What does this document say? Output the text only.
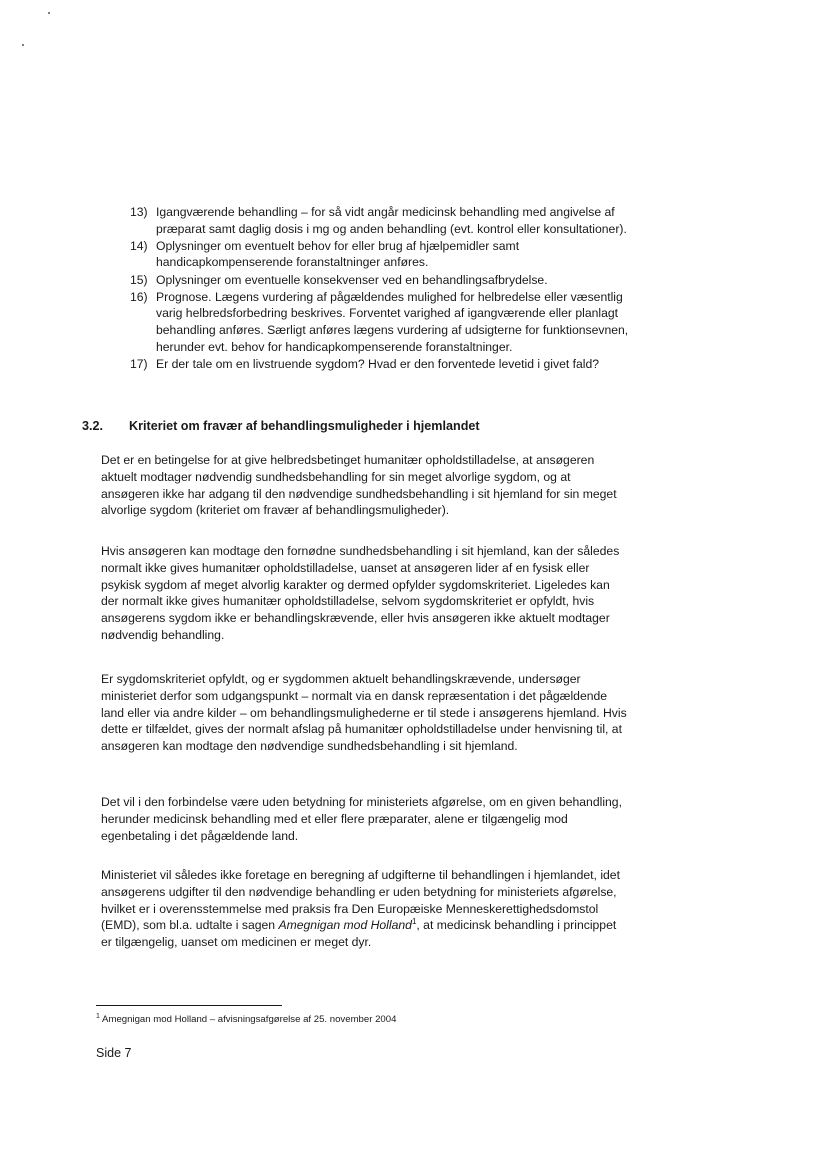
13) Igangværende behandling – for så vidt angår medicinsk behandling med angivelse af præparat samt daglig dosis i mg og anden behandling (evt. kontrol eller konsultationer).
14) Oplysninger om eventuelt behov for eller brug af hjælpemidler samt handicapkompenserende foranstaltninger anføres.
15) Oplysninger om eventuelle konsekvenser ved en behandlingsafbrydelse.
16) Prognose. Lægens vurdering af pågældendes mulighed for helbredelse eller væsentlig varig helbredsforbedring beskrives. Forventet varighed af igangværende eller planlagt behandling anføres. Særligt anføres lægens vurdering af udsigterne for funktionsevnen, herunder evt. behov for handicapkompenserende foranstaltninger.
17) Er der tale om en livstruende sygdom? Hvad er den forventede levetid i givet fald?
3.2. Kriteriet om fravær af behandlingsmuligheder i hjemlandet

Det er en betingelse for at give helbredsbetinget humanitær opholdstilladelse, at ansøgeren aktuelt modtager nødvendig sundhedsbehandling for sin meget alvorlige sygdom, og at ansøgeren ikke har adgang til den nødvendige sundhedsbehandling i sit hjemland for sin meget alvorlige sygdom (kriteriet om fravær af behandlingsmuligheder).

Hvis ansøgeren kan modtage den fornødne sundhedsbehandling i sit hjemland, kan der således normalt ikke gives humanitær opholdstilladelse, uanset at ansøgeren lider af en fysisk eller psykisk sygdom af meget alvorlig karakter og dermed opfylder sygdomskriteriet. Ligeledes kan der normalt ikke gives humanitær opholdstilladelse, selvom sygdomskriteriet er opfyldt, hvis ansøgerens sygdom ikke er behandlingskrævende, eller hvis ansøgeren ikke aktuelt modtager nødvendig behandling.

Er sygdomskriteriet opfyldt, og er sygdommen aktuelt behandlingskrævende, undersøger ministeriet derfor som udgangspunkt – normalt via en dansk repræsentation i det pågældende land eller via andre kilder – om behandlingsmulighederne er til stede i ansøgerens hjemland. Hvis dette er tilfældet, gives der normalt afslag på humanitær opholdstilladelse under henvisning til, at ansøgeren kan modtage den nødvendige sundhedsbehandling i sit hjemland.

Det vil i den forbindelse være uden betydning for ministeriets afgørelse, om en given behandling, herunder medicinsk behandling med et eller flere præparater, alene er tilgængelig mod egenbetaling i det pågældende land.

Ministeriet vil således ikke foretage en beregning af udgifterne til behandlingen i hjemlandet, idet ansøgerens udgifter til den nødvendige behandling er uden betydning for ministeriets afgørelse, hvilket er i overensstemmelse med praksis fra Den Europæiske Menneskerettighedsdomstol (EMD), som bl.a. udtalte i sagen Amegnigan mod Holland$^1$, at medicinsk behandling i princippet er tilgængelig, uanset om medicinen er meget dyr.

$^1$ Amegnigan mod Holland – afvisningsafgørelse af 25. november 2004
Side 7
